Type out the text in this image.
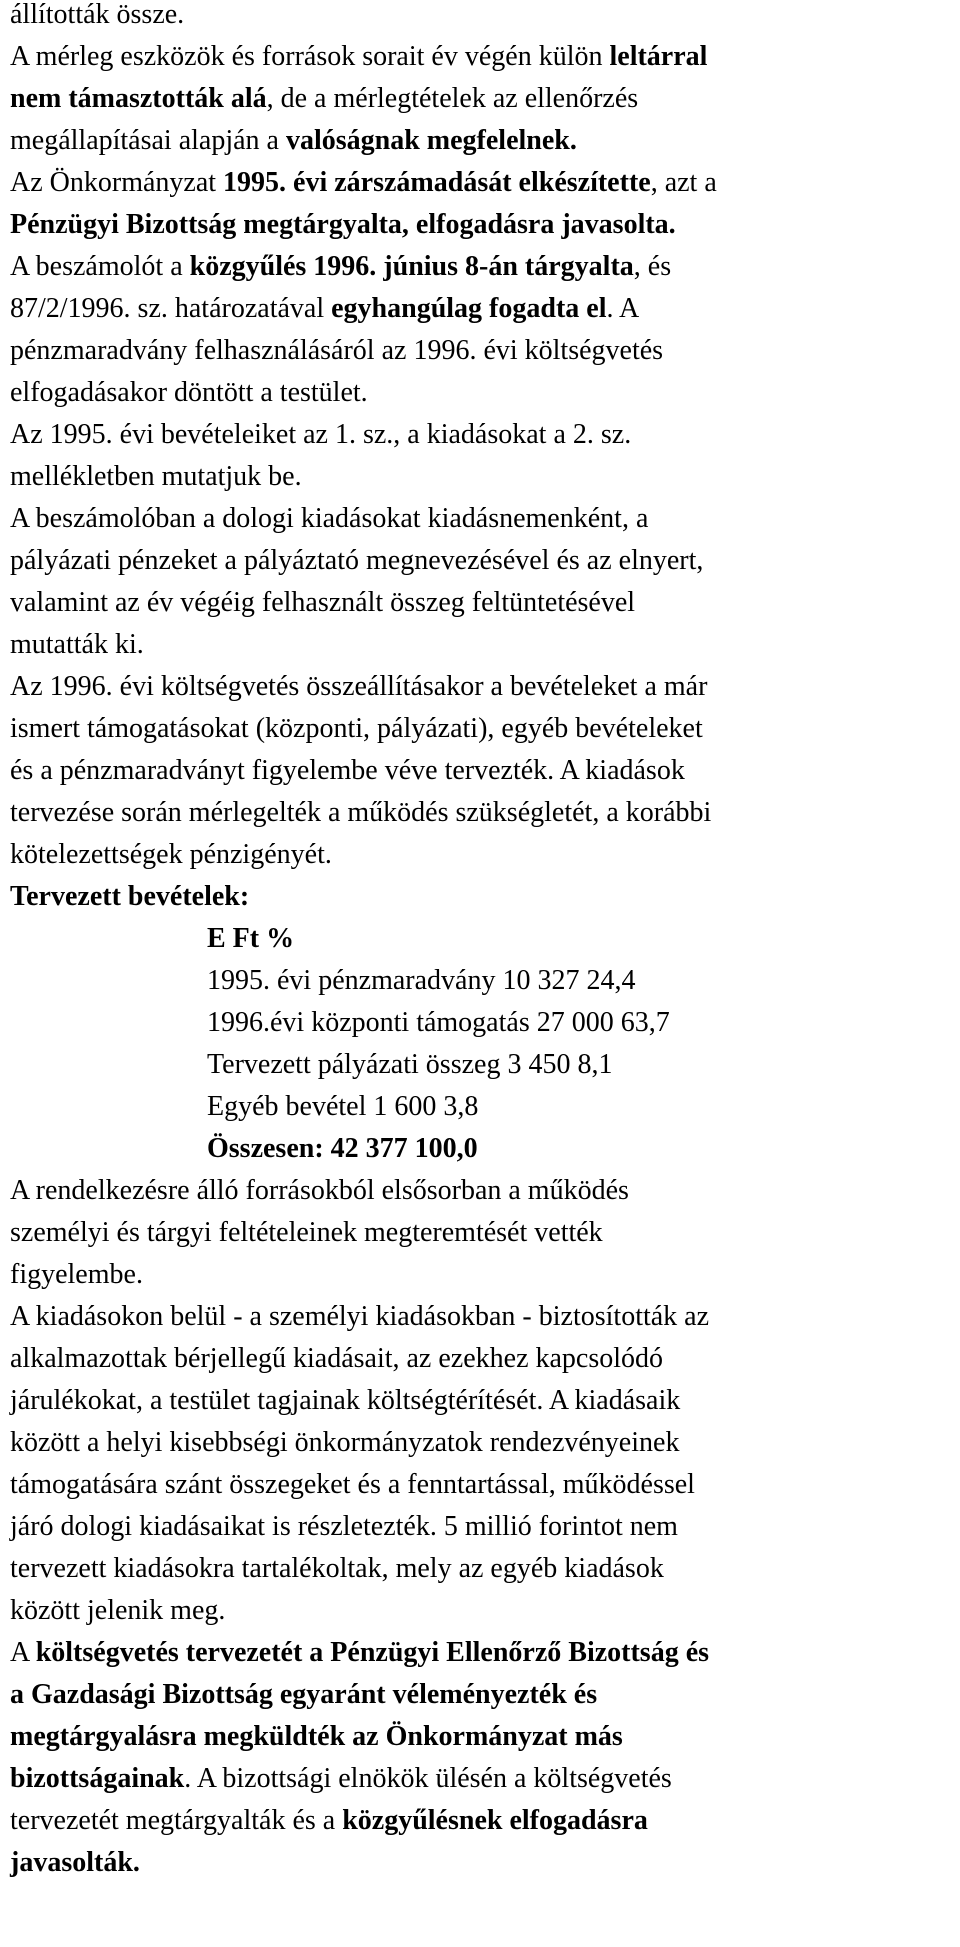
állították össze.
A mérleg eszközök és források sorait év végén külön leltárral
nem támasztották alá, de a mérlegtételek az ellenőrzés
megállapításai alapján a valóságnak megfelelnek.
Az Önkormányzat 1995. évi zárszámadását elkészítette, azt a
Pénzügyi Bizottság megtárgyalta, elfogadásra javasolta.
A beszámolót a közgyűlés 1996. június 8-án tárgyalta, és
87/2/1996. sz. határozatával egyhangúlag fogadta el. A
pénzmaradvány felhasználásáról az 1996. évi költségvetés
elfogadásakor döntött a testület.
Az 1995. évi bevételeiket az 1. sz., a kiadásokat a 2. sz.
mellékletben mutatjuk be.
A beszámolóban a dologi kiadásokat kiadásnemenként, a
pályázati pénzeket a pályáztató megnevezésével és az elnyert,
valamint az év végéig felhasznált összeg feltüntetésével
mutatták ki.
Az 1996. évi költségvetés összeállításakor a bevételeket a már
ismert támogatásokat (központi, pályázati), egyéb bevételeket
és a pénzmaradványt figyelembe véve tervezték. A kiadások
tervezése során mérlegelték a működés szükségletét, a korábbi
kötelezettségek pénzigényét.
Tervezett bevételek:
E Ft %
1995. évi pénzmaradvány 10 327 24,4
1996.évi központi támogatás 27 000 63,7
Tervezett pályázati összeg 3 450 8,1
Egyéb bevétel 1 600 3,8
Összesen: 42 377 100,0
A rendelkezésre álló forrásokból elsősorban a működés
személyi és tárgyi feltételeinek megteremtését vették
figyelembe.
A kiadásokon belül - a személyi kiadásokban - biztosították az
alkalmazottak bérjellegű kiadásait, az ezekhez kapcsolódó
járulékokat, a testület tagjainak költségtérítését. A kiadásaik
között a helyi kisebbségi önkormányzatok rendezvényeinek
támogatására szánt összegeket és a fenntartással, működéssel
járó dologi kiadásaikat is részletezték. 5 millió forintot nem
tervezett kiadásokra tartalékoltak, mely az egyéb kiadások
között jelenik meg.
A költségvetés tervezetét a Pénzügyi Ellenőrző Bizottság és
a Gazdasági Bizottság egyaránt véleményezték és
megtárgyalásra megküldték az Önkormányzat más
bizottságainak. A bizottsági elnökök ülésén a költségvetés
tervezetét megtárgyalták és a közgyűlésnek elfogadásra
javasolták.
